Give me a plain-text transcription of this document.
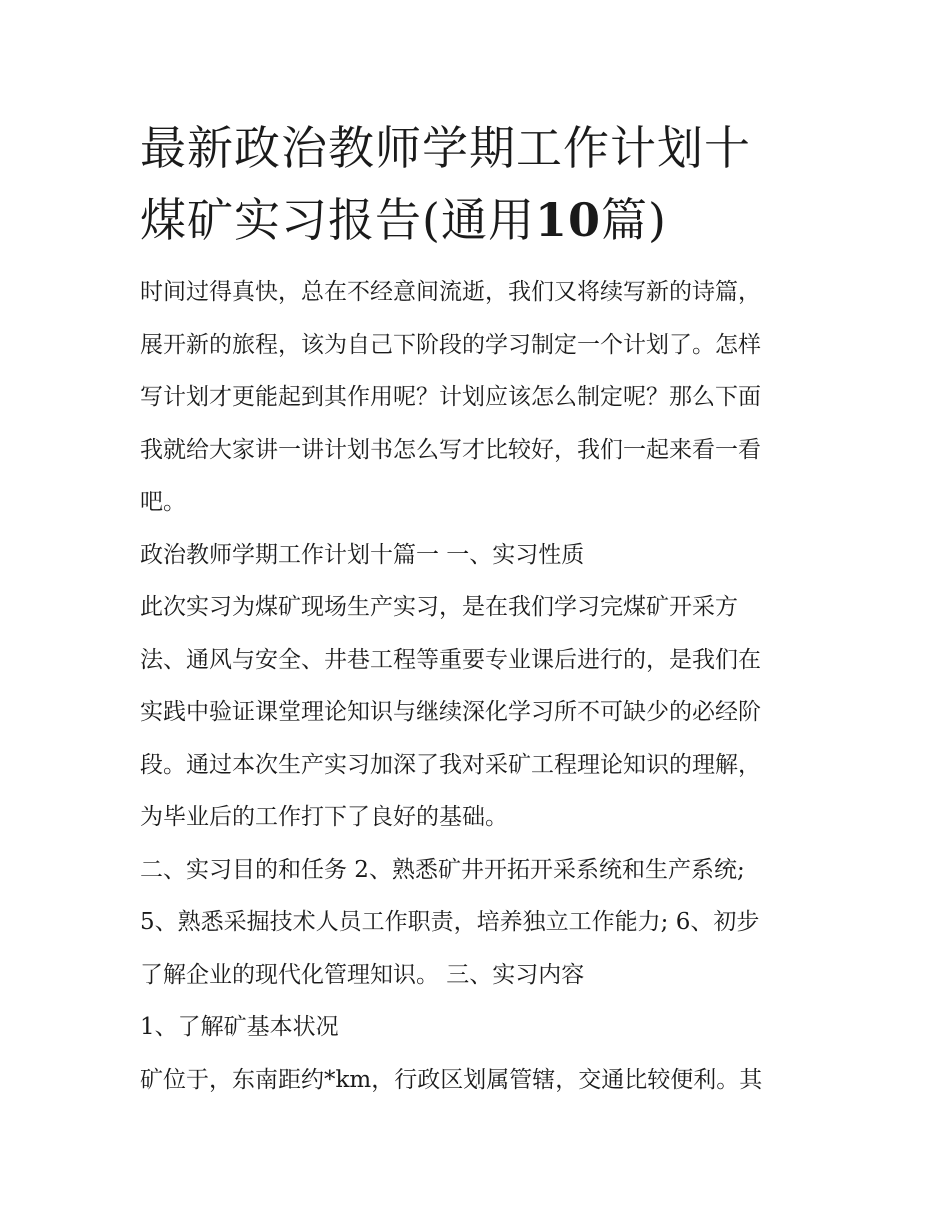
最新政治教师学期工作计划十
煤矿实习报告(通用10篇)
时间过得真快，总在不经意间流逝，我们又将续写新的诗篇，
展开新的旅程，该为自己下阶段的学习制定一个计划了。怎样
写计划才更能起到其作用呢？计划应该怎么制定呢？那么下面
我就给大家讲一讲计划书怎么写才比较好，我们一起来看一看
吧。
政治教师学期工作计划十篇一 一、实习性质
此次实习为煤矿现场生产实习，是在我们学习完煤矿开采方
法、通风与安全、井巷工程等重要专业课后进行的，是我们在
实践中验证课堂理论知识与继续深化学习所不可缺少的必经阶
段。通过本次生产实习加深了我对采矿工程理论知识的理解，
为毕业后的工作打下了良好的基础。
二、实习目的和任务 2、熟悉矿井开拓开采系统和生产系统;
5、熟悉采掘技术人员工作职责，培养独立工作能力; 6、初步
了解企业的现代化管理知识。 三、实习内容
1、了解矿基本状况
矿位于，东南距约*km，行政区划属管辖，交通比较便利。其
